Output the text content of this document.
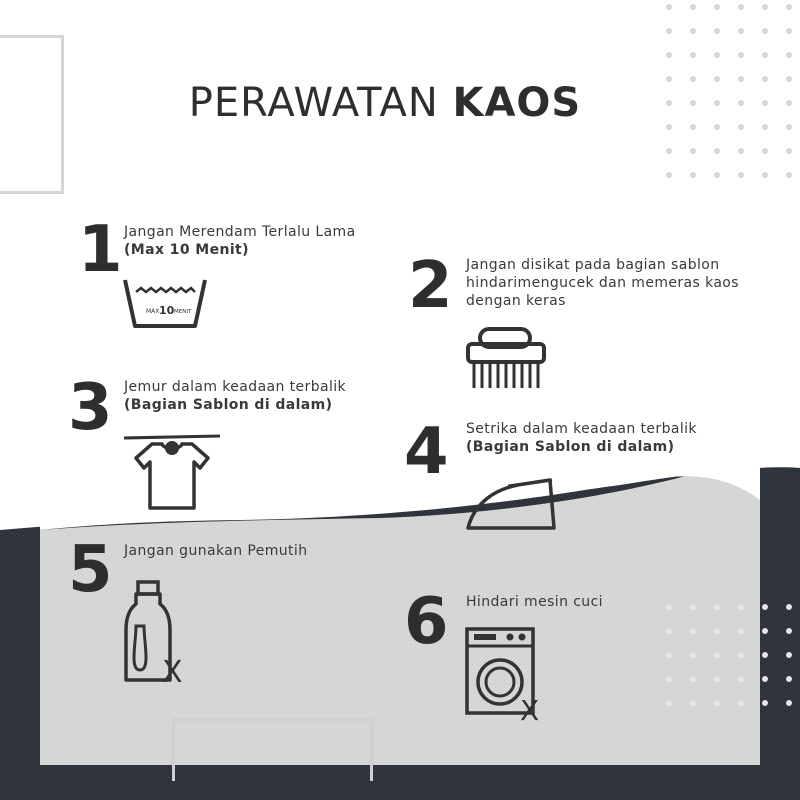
PERAWATAN KAOS
1 Jangan Merendam Terlalu Lama
(Max 10 Menit)
MAX 10 MENIT	2 Jangan disikat pada bagian sablon
hindarimengucek dan memeras kaos
dengan keras
3 Jemur dalam keadaan terbalik
(Bagian Sablon di dalam)
4 Setrika dalam keadaan terbalik
(Bagian Sablon di dalam)
5 Jangan gunakan Pemutih
X
6 Hindari mesin cuci
X
